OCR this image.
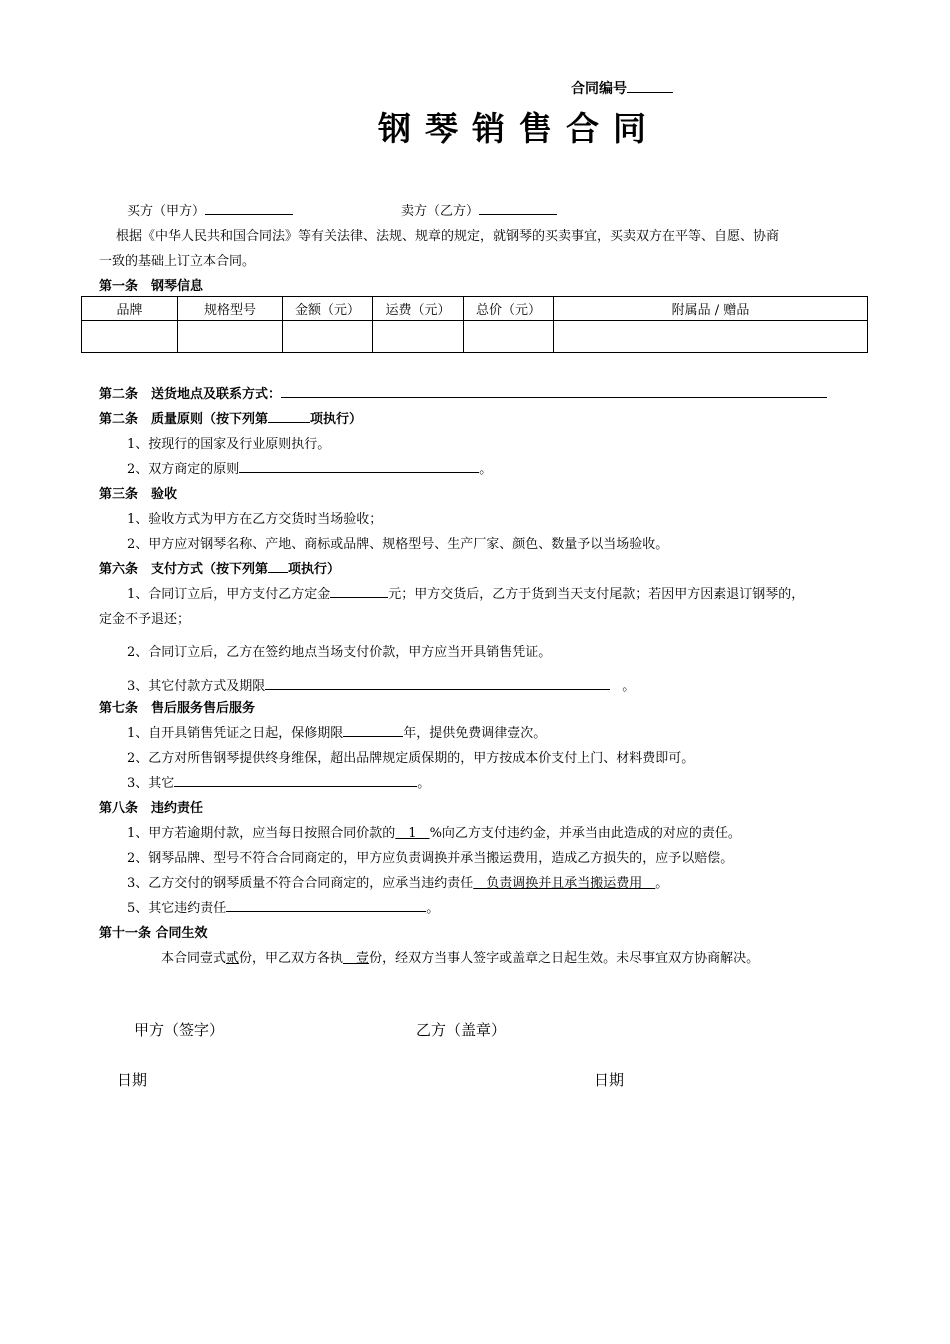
合同编号
钢琴销售合同
买方（甲方）	卖方（乙方）
根据《中华人民共和国合同法》等有关法律、法规、规章的规定，就钢琴的买卖事宜，买卖双方在平等、自愿、协商
一致的基础上订立本合同。
第一条　钢琴信息
品牌	规格型号	金额（元）	运费（元）	总价（元）	附属品 / 赠品

第二条　送货地点及联系方式：
第二条　质量原则（按下列第	项执行）
1、按现行的国家及行业原则执行。
2、双方商定的原则	。
第三条　验收
1、验收方式为甲方在乙方交货时当场验收；
2、甲方应对钢琴名称、产地、商标或品牌、规格型号、生产厂家、颜色、数量予以当场验收。
第六条　支付方式（按下列第 项执行）
1、合同订立后，甲方支付乙方定金	元；甲方交货后，乙方于货到当天支付尾款；若因甲方因素退订钢琴的，
定金不予退还；
2、合同订立后，乙方在签约地点当场支付价款，甲方应当开具销售凭证。
3、其它付款方式及期限	。
第七条　售后服务售后服务
1、自开具销售凭证之日起，保修期限	年，提供免费调律壹次。
2、乙方对所售钢琴提供终身维保，超出品牌规定质保期的，甲方按成本价支付上门、材料费即可。
3、其它	。
第八条　违约责任
1、甲方若逾期付款，应当每日按照合同价款的　1　%向乙方支付违约金，并承当由此造成的对应的责任。
2、钢琴品牌、型号不符合合同商定的，甲方应负责调换并承当搬运费用，造成乙方损失的，应予以赔偿。
3、乙方交付的钢琴质量不符合合同商定的，应承当违约责任　负责调换并且承当搬运费用　。
5、其它违约责任	。
第十一条 合同生效
本合同壹式贰份，甲乙双方各执　壹份，经双方当事人签字或盖章之日起生效。未尽事宜双方协商解决。
甲方（签字）	乙方（盖章）
日期	日期
